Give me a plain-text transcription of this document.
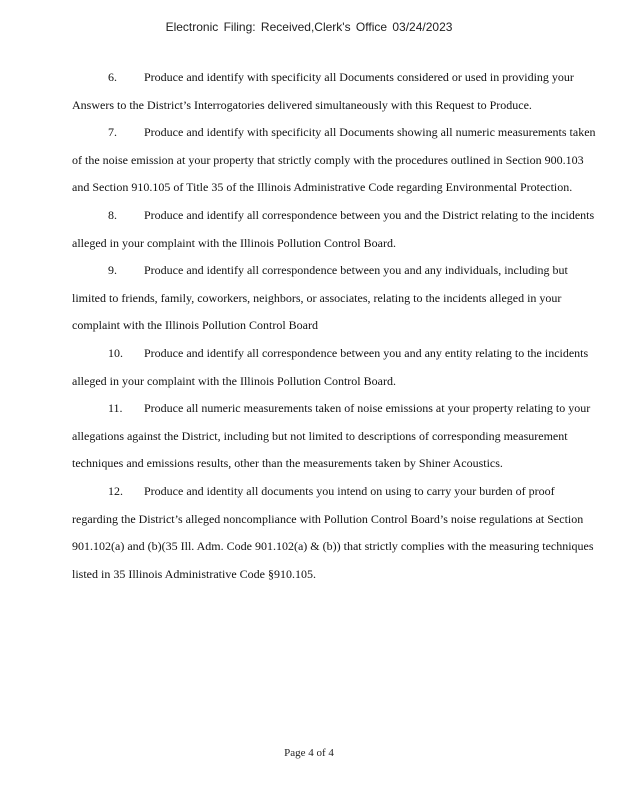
Electronic Filing: Received,Clerk's Office 03/24/2023

6. Produce and identify with specificity all Documents considered or used in providing your Answers to the District’s Interrogatories delivered simultaneously with this Request to Produce.

7. Produce and identify with specificity all Documents showing all numeric measurements taken of the noise emission at your property that strictly comply with the procedures outlined in Section 900.103 and Section 910.105 of Title 35 of the Illinois Administrative Code regarding Environmental Protection.

8. Produce and identify all correspondence between you and the District relating to the incidents alleged in your complaint with the Illinois Pollution Control Board.

9. Produce and identify all correspondence between you and any individuals, including but limited to friends, family, coworkers, neighbors, or associates, relating to the incidents alleged in your complaint with the Illinois Pollution Control Board

10. Produce and identify all correspondence between you and any entity relating to the incidents alleged in your complaint with the Illinois Pollution Control Board.

11. Produce all numeric measurements taken of noise emissions at your property relating to your allegations against the District, including but not limited to descriptions of corresponding measurement techniques and emissions results, other than the measurements taken by Shiner Acoustics.

12. Produce and identity all documents you intend on using to carry your burden of proof regarding the District’s alleged noncompliance with Pollution Control Board’s noise regulations at Section 901.102(a) and (b)(35 Ill. Adm. Code 901.102(a) & (b)) that strictly complies with the measuring techniques listed in 35 Illinois Administrative Code §910.105.

Page 4 of 4
